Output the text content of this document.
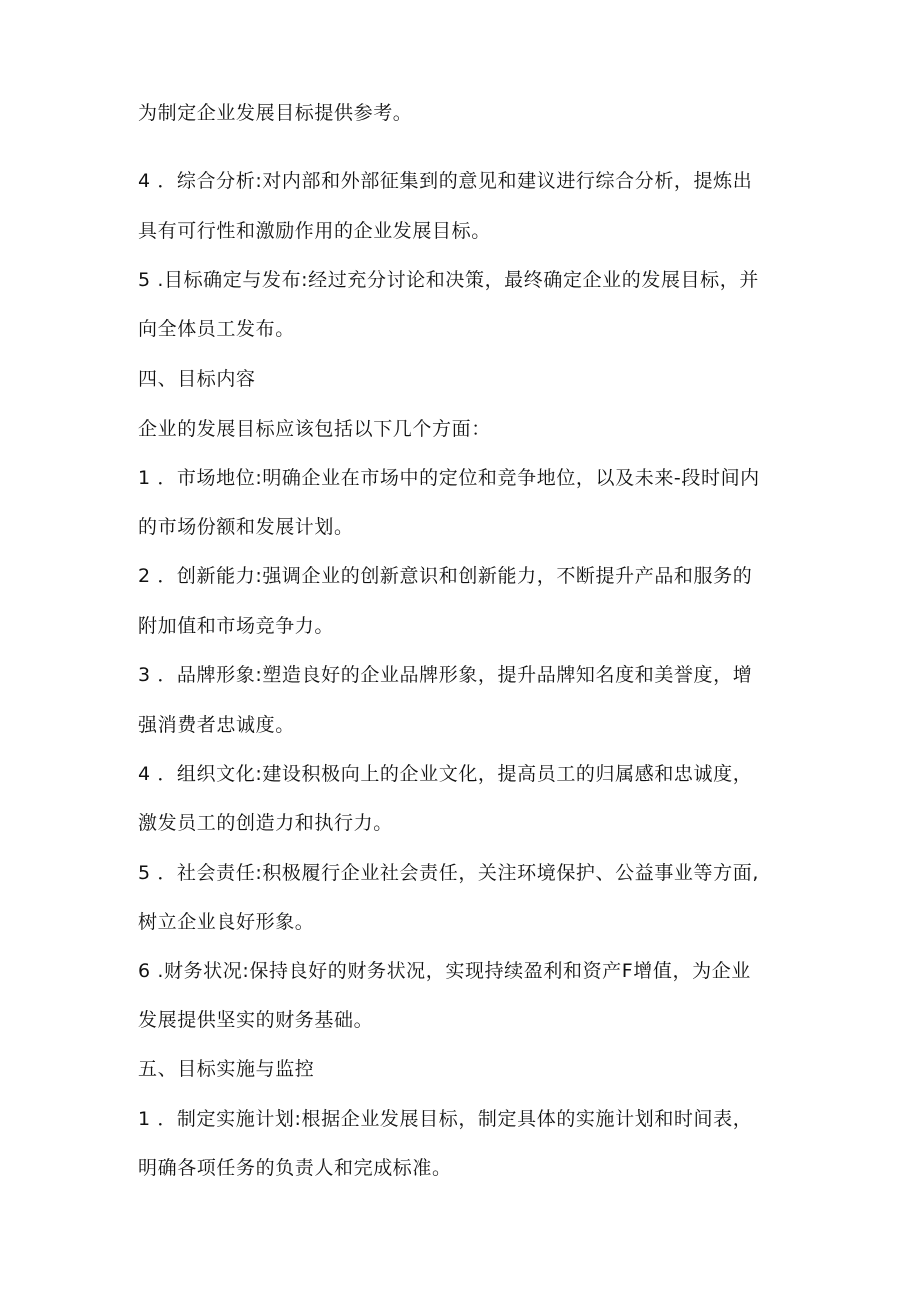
为制定企业发展目标提供参考。
4 ．综合分析:对内部和外部征集到的意见和建议进行综合分析，提炼出
具有可行性和激励作用的企业发展目标。
5 .目标确定与发布:经过充分讨论和决策，最终确定企业的发展目标，并
向全体员工发布。
四、目标内容
企业的发展目标应该包括以下几个方面：
1 ．市场地位:明确企业在市场中的定位和竞争地位，以及未来-段时间内
的市场份额和发展计划。
2 ．创新能力:强调企业的创新意识和创新能力，不断提升产品和服务的
附加值和市场竞争力。
3 ．品牌形象:塑造良好的企业品牌形象，提升品牌知名度和美誉度，增
强消费者忠诚度。
4 ．组织文化:建设积极向上的企业文化，提高员工的归属感和忠诚度，
激发员工的创造力和执行力。
5 ．社会责任:积极履行企业社会责任，关注环境保护、公益事业等方面,
树立企业良好形象。
6 .财务状况:保持良好的财务状况，实现持续盈利和资产F增值，为企业
发展提供坚实的财务基础。
五、目标实施与监控
1 ．制定实施计划:根据企业发展目标，制定具体的实施计划和时间表，
明确各项任务的负责人和完成标准。
